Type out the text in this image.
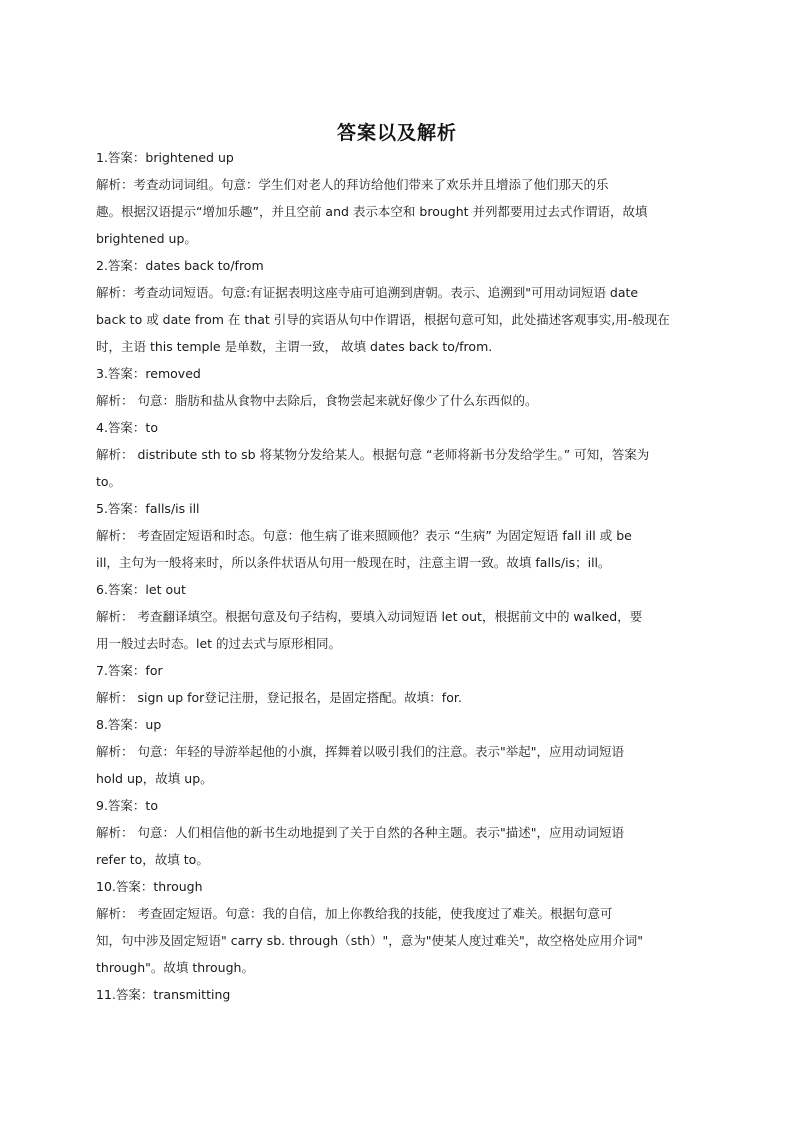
答案以及解析
1.答案：brightened up
解析：考查动词词组。句意：学生们对老人的拜访给他们带来了欢乐并且增添了他们那天的乐
趣。根据汉语提示“增加乐趣”，并且空前 and 表示本空和 brought 并列都要用过去式作谓语，故填
brightened up。
2.答案：dates back to/from
解析：考查动词短语。句意:有证据表明这座寺庙可追溯到唐朝。表示、追溯到"可用动词短语 date
back to 或 date from 在 that 引导的宾语从句中作谓语，根据句意可知，此处描述客观事实,用-般现在
时，主语 this temple 是单数，主谓一致， 故填 dates back to/from.
3.答案：removed
解析： 句意：脂肪和盐从食物中去除后，食物尝起来就好像少了什么东西似的。
4.答案：to
解析： distribute sth to sb 将某物分发给某人。根据句意 “老师将新书分发给学生。” 可知，答案为
to。
5.答案：falls/is ill
解析： 考查固定短语和时态。句意：他生病了谁来照顾他？表示 “生病” 为固定短语 fall ill 或 be
ill，主句为一般将来时，所以条件状语从句用一般现在时，注意主谓一致。故填 falls/is；ill。
6.答案：let out
解析： 考查翻译填空。根据句意及句子结构，要填入动词短语 let out，根据前文中的 walked，要
用一般过去时态。let 的过去式与原形相同。
7.答案：for
解析： sign up for登记注册，登记报名，是固定搭配。故填：for.
8.答案：up
解析： 句意：年轻的导游举起他的小旗，挥舞着以吸引我们的注意。表示"举起"，应用动词短语
hold up，故填 up。
9.答案：to
解析： 句意：人们相信他的新书生动地提到了关于自然的各种主题。表示"描述"，应用动词短语
refer to，故填 to。
10.答案：through
解析： 考查固定短语。句意：我的自信，加上你教给我的技能，使我度过了难关。根据句意可
知，句中涉及固定短语" carry sb. through（sth）"，意为"使某人度过难关"，故空格处应用介词"
through"。故填 through。
11.答案：transmitting
